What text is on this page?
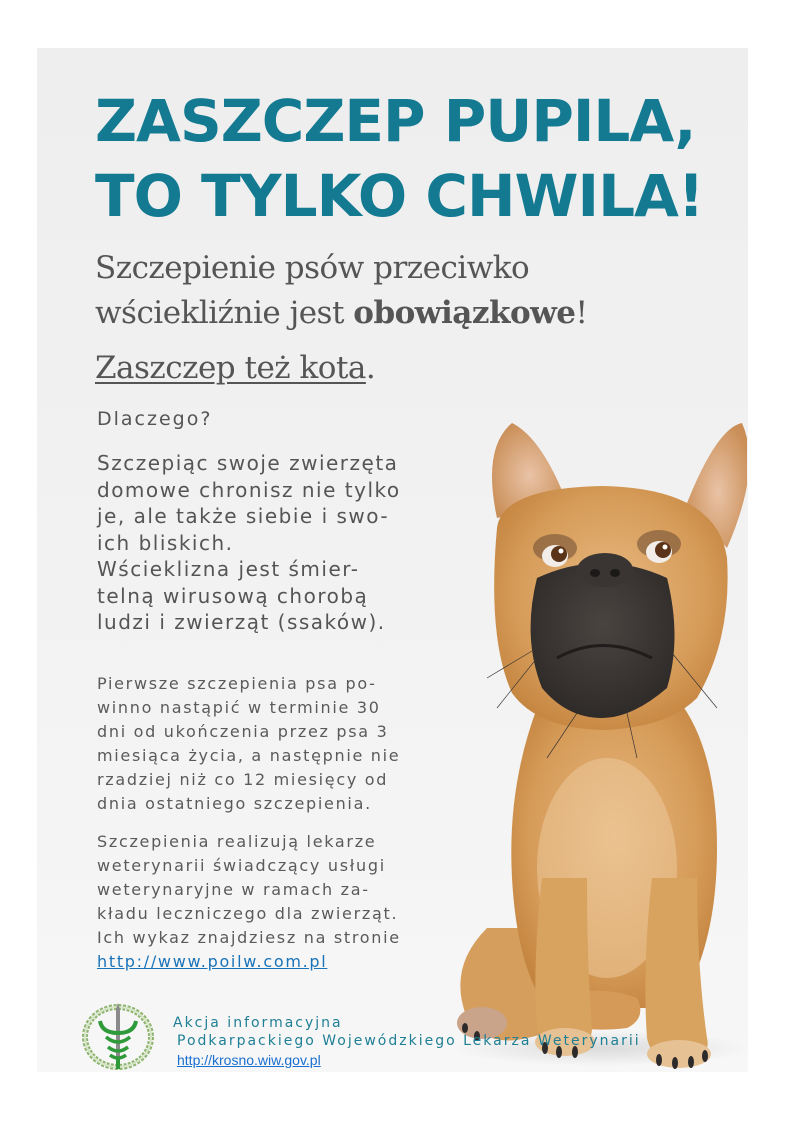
ZASZCZEP PUPILA,
TO TYLKO CHWILA!

Szczepienie psów przeciwko
wściekliźnie jest obowiązkowe!

Zaszczep też kota.

Dlaczego?
Szczepiąc swoje zwierzęta
domowe chronisz nie tylko
je, ale także siebie i swo-
ich bliskich.
Wścieklizna jest śmier-
telną wirusową chorobą
ludzi i zwierząt (ssaków).
Pierwsze szczepienia psa po-
winno nastąpić w terminie 30
dni od ukończenia przez psa 3
miesiąca życia, a następnie nie
rzadziej niż co 12 miesięcy od
dnia ostatniego szczepienia.
Szczepienia realizują lekarze
weterynarii świadczący usługi
weterynaryjne w ramach za-
kładu leczniczego dla zwierząt.
Ich wykaz znajdziesz na stronie
http://www.poilw.com.pl
Akcja informacyjna
Podkarpackiego Wojewódzkiego Lekarza Weterynarii
http://krosno.wiw.gov.pl
